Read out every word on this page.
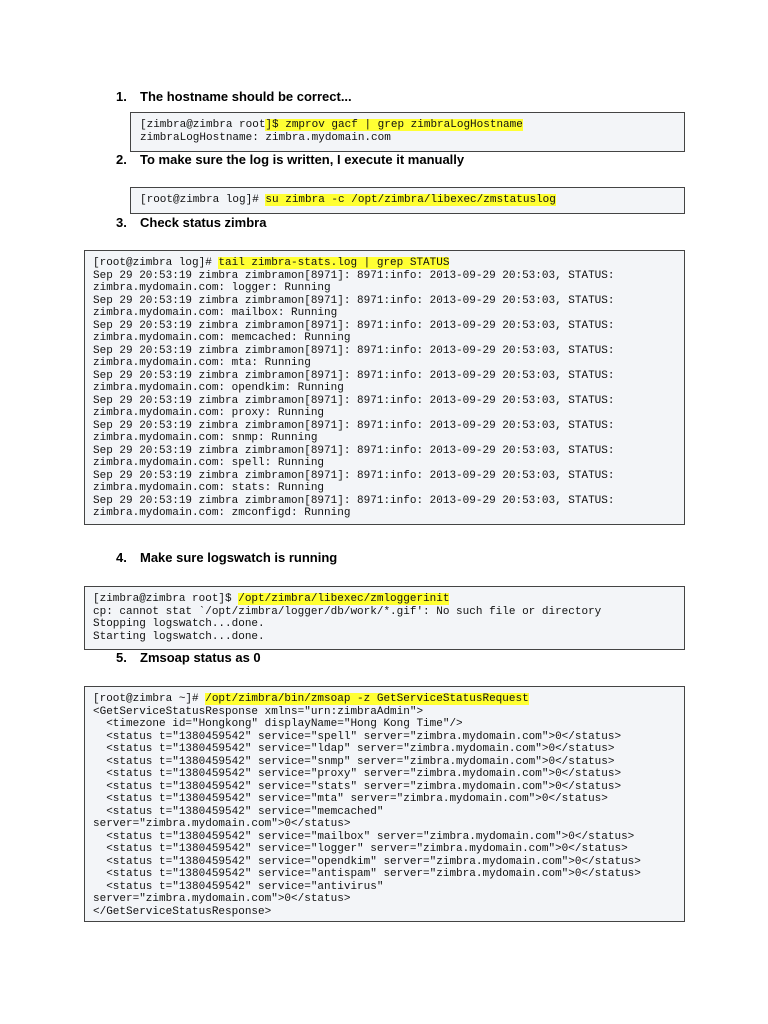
1. The hostname should be correct...
[zimbra@zimbra root]$ zmprov gacf | grep zimbraLogHostname
zimbraLogHostname: zimbra.mydomain.com
2. To make sure the log is written, I execute it manually
[root@zimbra log]# su zimbra -c /opt/zimbra/libexec/zmstatuslog
3. Check status zimbra
[root@zimbra log]# tail zimbra-stats.log | grep STATUS
Sep 29 20:53:19 zimbra zimbramon[8971]: 8971:info: 2013-09-29 20:53:03, STATUS:
zimbra.mydomain.com: logger: Running
Sep 29 20:53:19 zimbra zimbramon[8971]: 8971:info: 2013-09-29 20:53:03, STATUS:
zimbra.mydomain.com: mailbox: Running
Sep 29 20:53:19 zimbra zimbramon[8971]: 8971:info: 2013-09-29 20:53:03, STATUS:
zimbra.mydomain.com: memcached: Running
Sep 29 20:53:19 zimbra zimbramon[8971]: 8971:info: 2013-09-29 20:53:03, STATUS:
zimbra.mydomain.com: mta: Running
Sep 29 20:53:19 zimbra zimbramon[8971]: 8971:info: 2013-09-29 20:53:03, STATUS:
zimbra.mydomain.com: opendkim: Running
Sep 29 20:53:19 zimbra zimbramon[8971]: 8971:info: 2013-09-29 20:53:03, STATUS:
zimbra.mydomain.com: proxy: Running
Sep 29 20:53:19 zimbra zimbramon[8971]: 8971:info: 2013-09-29 20:53:03, STATUS:
zimbra.mydomain.com: snmp: Running
Sep 29 20:53:19 zimbra zimbramon[8971]: 8971:info: 2013-09-29 20:53:03, STATUS:
zimbra.mydomain.com: spell: Running
Sep 29 20:53:19 zimbra zimbramon[8971]: 8971:info: 2013-09-29 20:53:03, STATUS:
zimbra.mydomain.com: stats: Running
Sep 29 20:53:19 zimbra zimbramon[8971]: 8971:info: 2013-09-29 20:53:03, STATUS:
zimbra.mydomain.com: zmconfigd: Running
4. Make sure logswatch is running
[zimbra@zimbra root]$ /opt/zimbra/libexec/zmloggerinit
cp: cannot stat `/opt/zimbra/logger/db/work/*.gif': No such file or directory
Stopping logswatch...done.
Starting logswatch...done.
5. Zmsoap status as 0
[root@zimbra ~]# /opt/zimbra/bin/zmsoap -z GetServiceStatusRequest
<GetServiceStatusResponse xmlns="urn:zimbraAdmin">
<timezone id="Hongkong" displayName="Hong Kong Time"/>
<status t="1380459542" service="spell" server="zimbra.mydomain.com">0</status>
<status t="1380459542" service="ldap" server="zimbra.mydomain.com">0</status>
<status t="1380459542" service="snmp" server="zimbra.mydomain.com">0</status>
<status t="1380459542" service="proxy" server="zimbra.mydomain.com">0</status>
<status t="1380459542" service="stats" server="zimbra.mydomain.com">0</status>
<status t="1380459542" service="mta" server="zimbra.mydomain.com">0</status>
<status t="1380459542" service="memcached"
server="zimbra.mydomain.com">0</status>
<status t="1380459542" service="mailbox" server="zimbra.mydomain.com">0</status>
<status t="1380459542" service="logger" server="zimbra.mydomain.com">0</status>
<status t="1380459542" service="opendkim" server="zimbra.mydomain.com">0</status>
<status t="1380459542" service="antispam" server="zimbra.mydomain.com">0</status>
<status t="1380459542" service="antivirus"
server="zimbra.mydomain.com">0</status>
</GetServiceStatusResponse>
